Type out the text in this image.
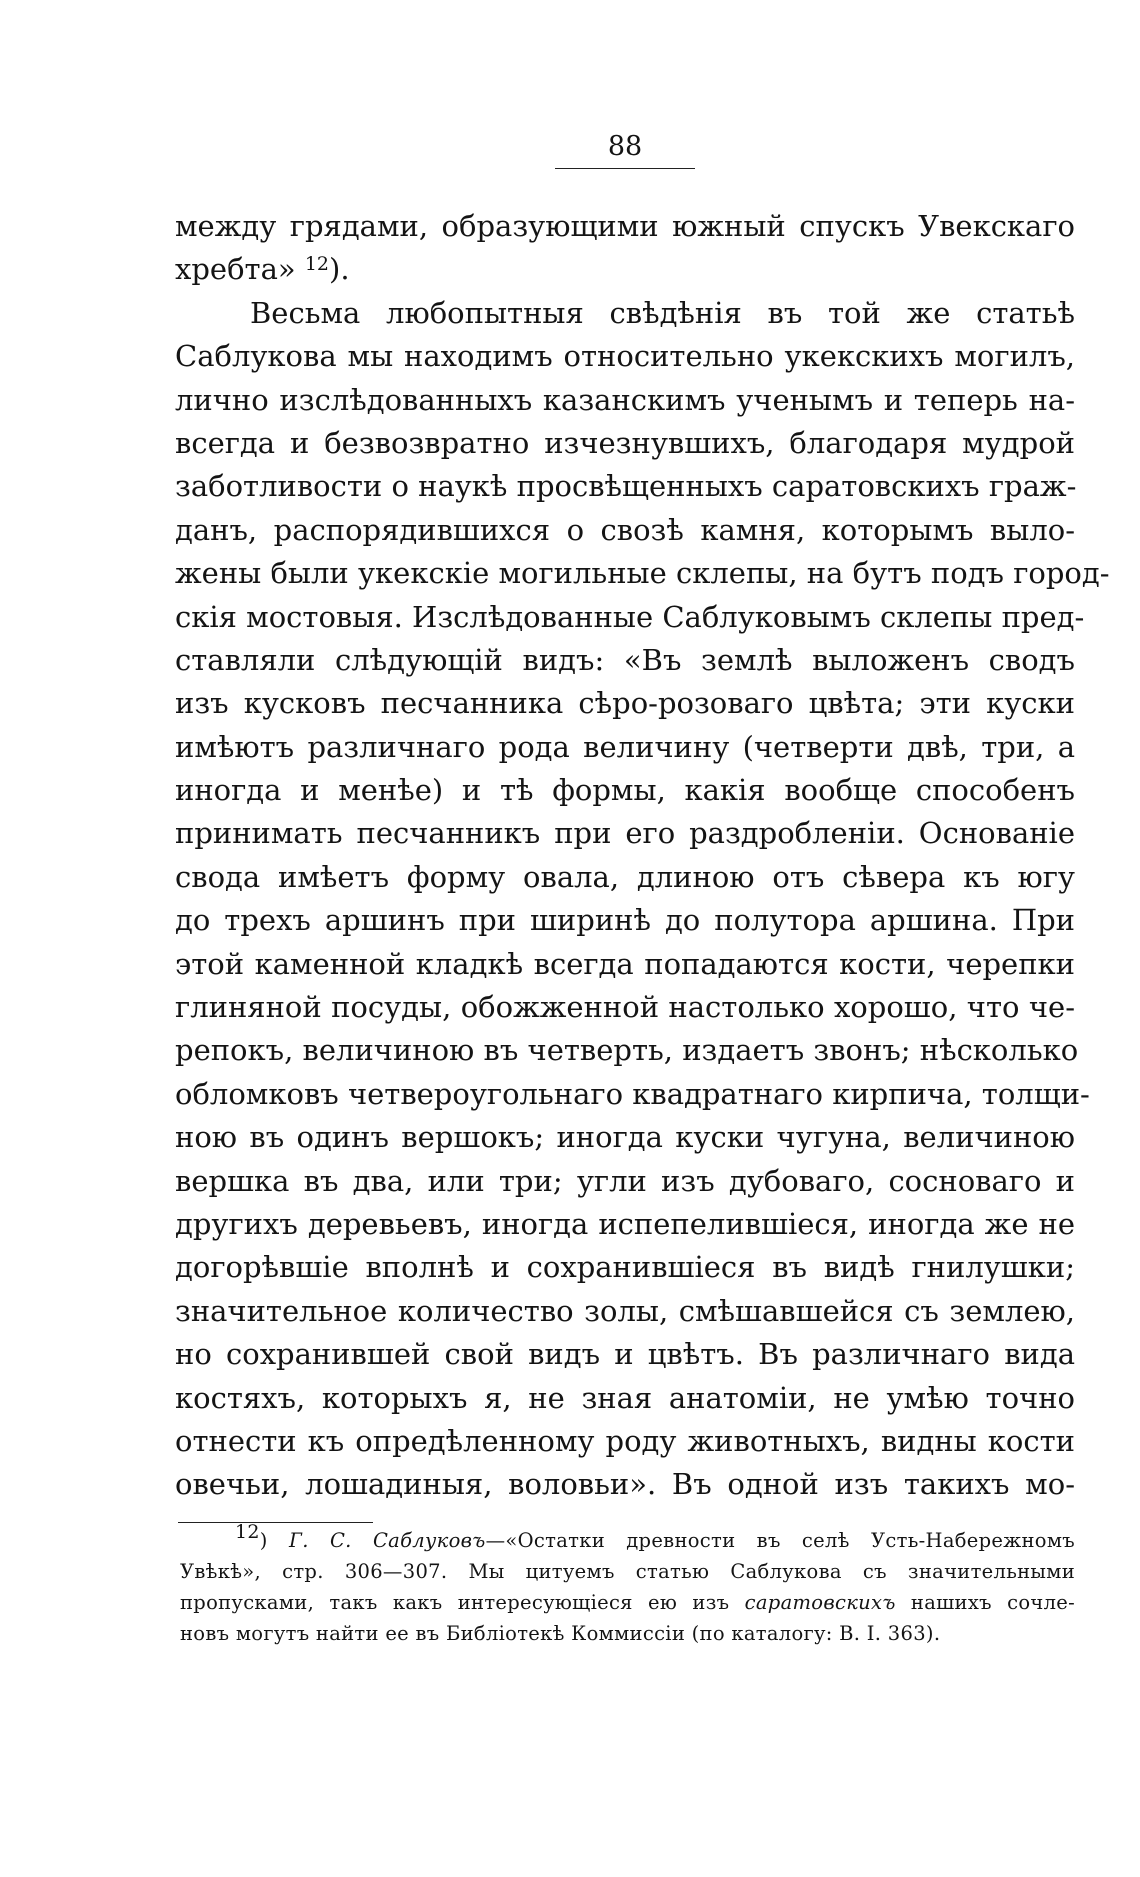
88
между грядами, образующими южный спускъ Увекскаго
хребта» $^{12}$).
Весьма любопытныя свѣдѣнія въ той же статьѣ
Саблукова мы находимъ относительно укекскихъ могилъ,
лично изслѣдованныхъ казанскимъ ученымъ и теперь на-
всегда и безвозвратно изчезнувшихъ, благодаря мудрой
заботливости о наукѣ просвѣщенныхъ саратовскихъ граж-
данъ, распорядившихся о свозѣ камня, которымъ выло-
жены были укекскіе могильные склепы, на бутъ подъ город-
скія мостовыя. Изслѣдованные Саблуковымъ склепы пред-
ставляли слѣдующій видъ: «Въ землѣ выложенъ сводъ
изъ кусковъ песчанника сѣро-розоваго цвѣта; эти куски
имѣютъ различнаго рода величину (четверти двѣ, три, а
иногда и менѣе) и тѣ формы, какія вообще способенъ
принимать песчанникъ при его раздробленіи. Основаніе
свода имѣетъ форму овала, длиною отъ сѣвера къ югу
до трехъ аршинъ при ширинѣ до полутора аршина. При
этой каменной кладкѣ всегда попадаются кости, черепки
глиняной посуды, обожженной настолько хорошо, что че-
репокъ, величиною въ четверть, издаетъ звонъ; нѣсколько
обломковъ четвероугольнаго квадратнаго кирпича, толщи-
ною въ одинъ вершокъ; иногда куски чугуна, величиною
вершка въ два, или три; угли изъ дубоваго, сосноваго и
другихъ деревьевъ, иногда испепелившіеся, иногда же не
догорѣвшіе вполнѣ и сохранившіеся въ видѣ гнилушки;
значительное количество золы, смѣшавшейся съ землею,
но сохранившей свой видъ и цвѣтъ. Въ различнаго вида
костяхъ, которыхъ я, не зная анатоміи, не умѣю точно
отнести къ опредѣленному роду животныхъ, видны кости
овечьи, лошадиныя, воловьи». Въ одной изъ такихъ мо-
12) Г. С. Саблуковъ—«Остатки древности въ селѣ Усть-Набережномъ
Увѣкѣ», стр. 306—307. Мы цитуемъ статью Саблукова съ значительными
пропусками, такъ какъ интересующіеся ею изъ саратовскихъ нашихъ сочле-
новъ могутъ найти ее въ Библіотекѣ Коммиссіи (по каталогу: В. I. 363).
